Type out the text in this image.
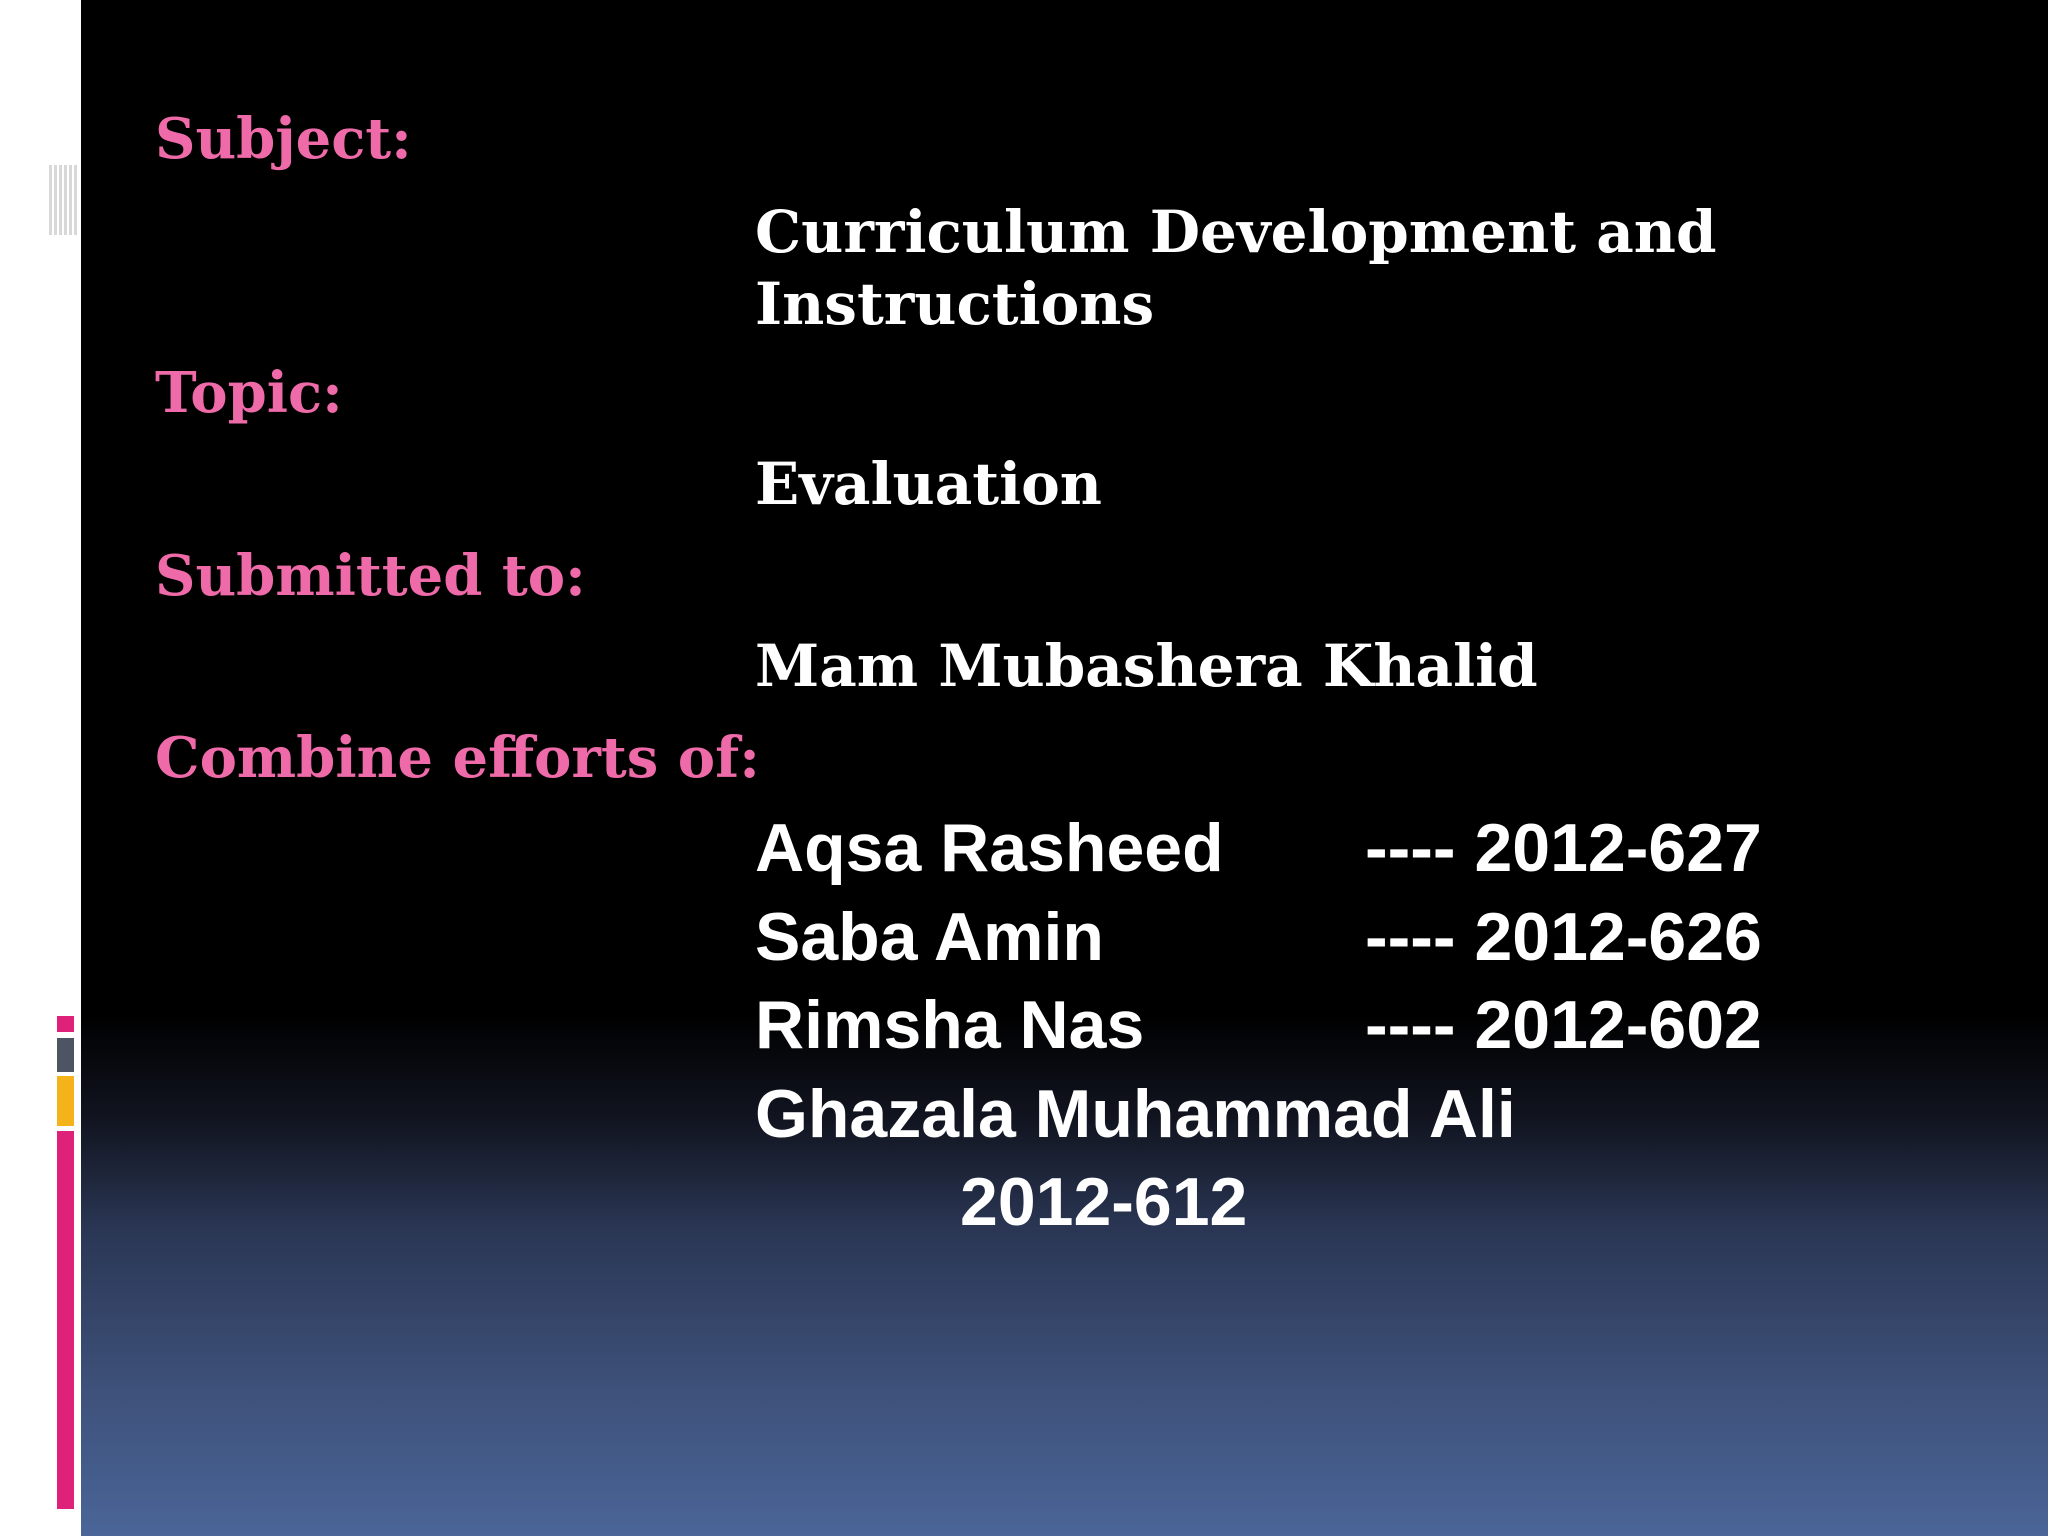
Subject:
Curriculum Development and
Instructions
Topic:
Evaluation
Submitted to:
Mam Mubashera Khalid
Combine efforts of:
Aqsa Rasheed ---- 2012-627
Saba Amin	---- 2012-626
Rimsha Nas	---- 2012-602
Ghazala Muhammad Ali
2012-612
